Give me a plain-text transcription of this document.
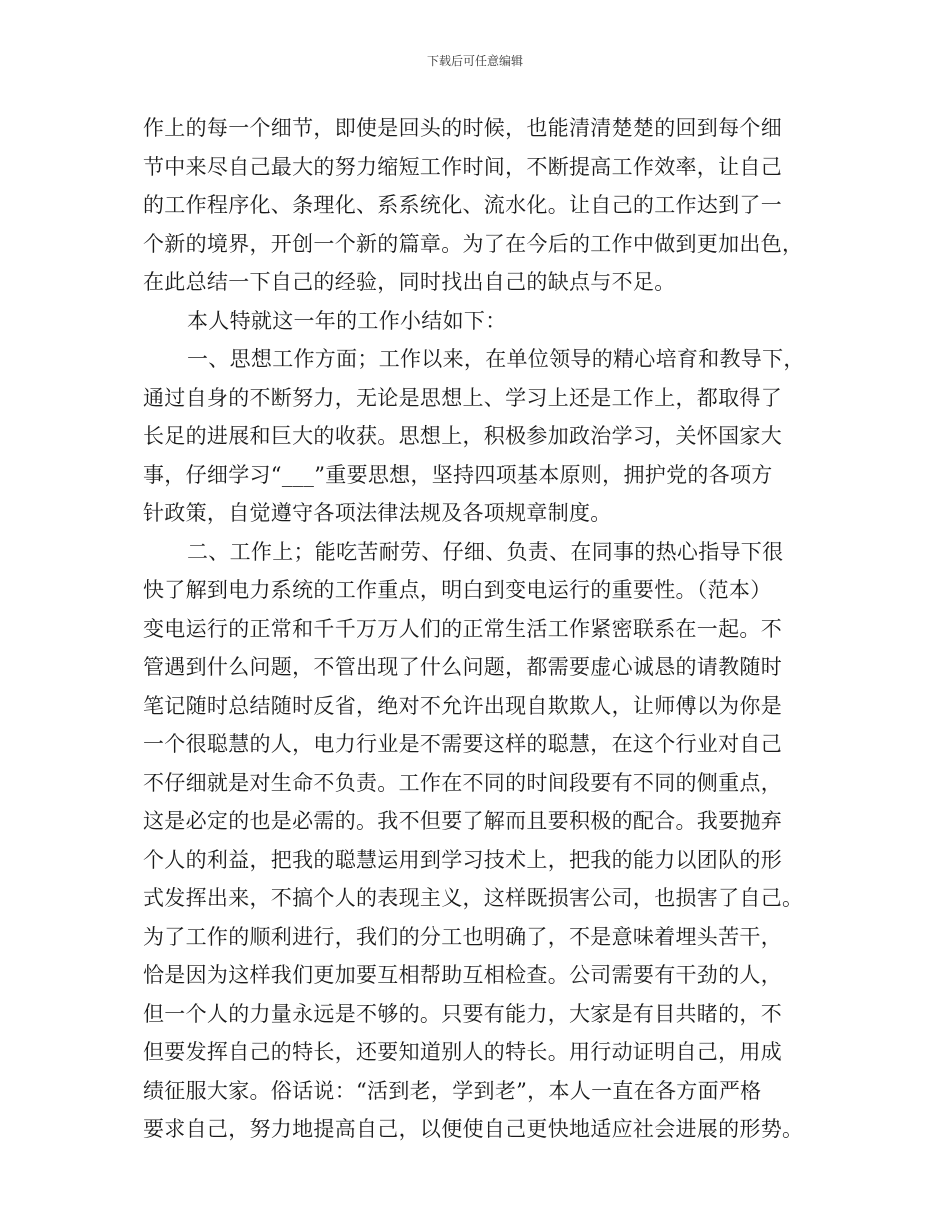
下载后可任意编辑
作上的每一个细节，即使是回头的时候，也能清清楚楚的回到每个细
节中来尽自己最大的努力缩短工作时间，不断提高工作效率，让自己
的工作程序化、条理化、系系统化、流水化。让自己的工作达到了一
个新的境界，开创一个新的篇章。为了在今后的工作中做到更加出色，
在此总结一下自己的经验，同时找出自己的缺点与不足。
本人特就这一年的工作小结如下：
一、思想工作方面；工作以来，在单位领导的精心培育和教导下，
通过自身的不断努力，无论是思想上、学习上还是工作上，都取得了
长足的进展和巨大的收获。思想上，积极参加政治学习，关怀国家大
事，仔细学习“___”重要思想，坚持四项基本原则，拥护党的各项方
针政策，自觉遵守各项法律法规及各项规章制度。
二、工作上；能吃苦耐劳、仔细、负责、在同事的热心指导下很
快了解到电力系统的工作重点，明白到变电运行的重要性。（范本）
变电运行的正常和千千万万人们的正常生活工作紧密联系在一起。不
管遇到什么问题，不管出现了什么问题，都需要虚心诚恳的请教随时
笔记随时总结随时反省，绝对不允许出现自欺欺人，让师傅以为你是
一个很聪慧的人，电力行业是不需要这样的聪慧，在这个行业对自己
不仔细就是对生命不负责。工作在不同的时间段要有不同的侧重点，
这是必定的也是必需的。我不但要了解而且要积极的配合。我要抛弃
个人的利益，把我的聪慧运用到学习技术上，把我的能力以团队的形
式发挥出来，不搞个人的表现主义，这样既损害公司，也损害了自己。
为了工作的顺利进行，我们的分工也明确了，不是意味着埋头苦干，
恰是因为这样我们更加要互相帮助互相检查。公司需要有干劲的人，
但一个人的力量永远是不够的。只要有能力，大家是有目共睹的，不
但要发挥自己的特长，还要知道别人的特长。用行动证明自己，用成
绩征服大家。俗话说：“活到老，学到老”，本人一直在各方面严格
要求自己，努力地提高自己，以便使自己更快地适应社会进展的形势。
